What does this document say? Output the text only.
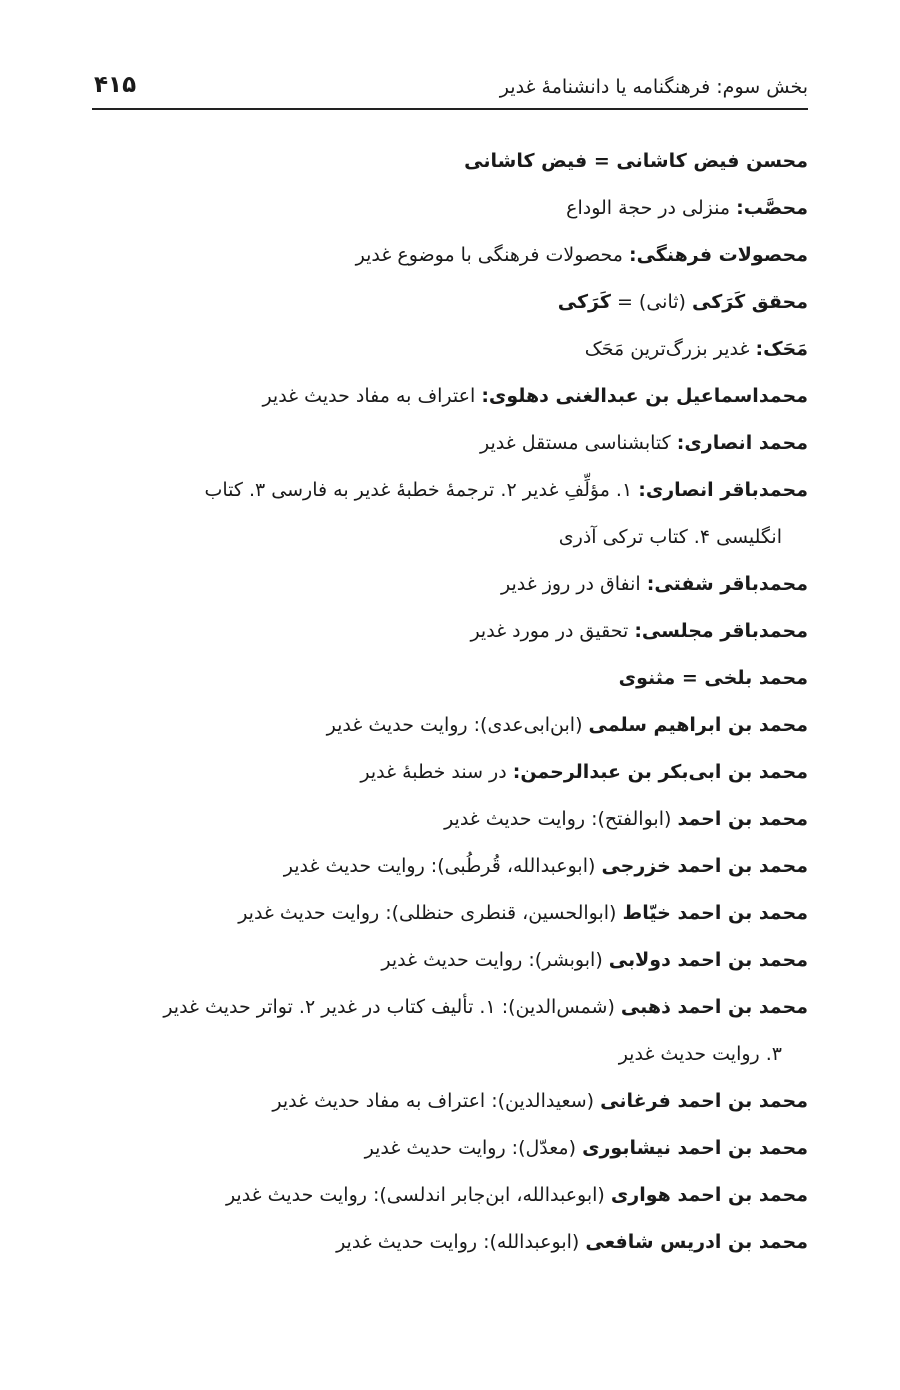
بخش سوم: فرهنگنامه یا دانشنامهٔ غدیر
۴۱۵
محسن فیض کاشانی = فیض کاشانی
محصَّب: منزلی در حجة الوداع
محصولات فرهنگی: محصولات فرهنگی با موضوع غدیر
محقق کَرَکی (ثانی) = کَرَکی
مَحَک: غدیر بزرگ‌ترین مَحَک
محمداسماعیل بن عبدالغنی دهلوی: اعتراف به مفاد حدیث غدیر
محمد انصاری: کتابشناسی مستقل غدیر
محمدباقر انصاری: ۱. مؤلِّفِ غدیر ۲. ترجمهٔ خطبهٔ غدیر به فارسی ۳. کتاب
انگلیسی ۴. کتاب ترکی آذری
محمدباقر شفتی: انفاق در روز غدیر
محمدباقر مجلسی: تحقیق در مورد غدیر
محمد بلخی = مثنوی
محمد بن ابراهیم سلمی (ابن‌ابی‌عدی): روایت حدیث غدیر
محمد بن ابی‌بکر بن عبدالرحمن: در سند خطبهٔ غدیر
محمد بن احمد (ابوالفتح): روایت حدیث غدیر
محمد بن احمد خزرجی (ابوعبدالله، قُرطُبی): روایت حدیث غدیر
محمد بن احمد خیّاط (ابوالحسین، قنطری حنظلی): روایت حدیث غدیر
محمد بن احمد دولابی (ابوبشر): روایت حدیث غدیر
محمد بن احمد ذهبی (شمس‌الدین): ۱. تألیف کتاب در غدیر ۲. تواتر حدیث غدیر
۳. روایت حدیث غدیر
محمد بن احمد فرغانی (سعیدالدین): اعتراف به مفاد حدیث غدیر
محمد بن احمد نیشابوری (معدّل): روایت حدیث غدیر
محمد بن احمد هواری (ابوعبدالله، ابن‌جابر اندلسی): روایت حدیث غدیر
محمد بن ادریس شافعی (ابوعبدالله): روایت حدیث غدیر
